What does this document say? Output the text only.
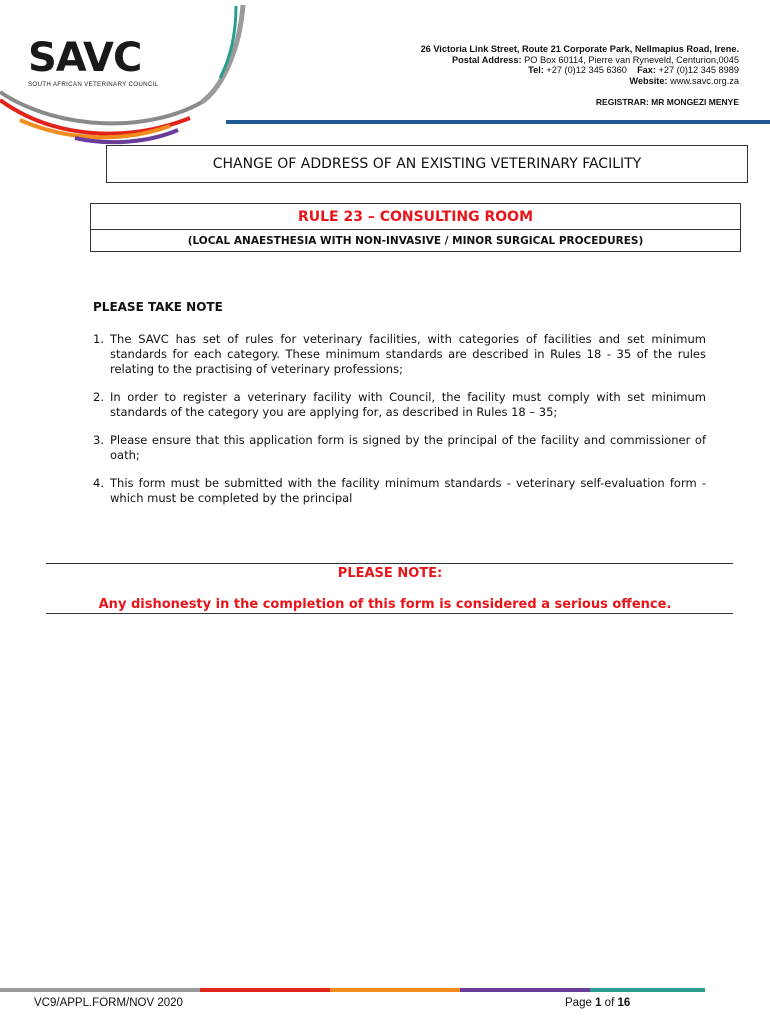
SAVC
SOUTH AFRICAN VETERINARY COUNCIL
26 Victoria Link Street, Route 21 Corporate Park, Nellmapius Road, Irene.
Postal Address: PO Box 60114, Pierre van Ryneveld, Centurion,0045
Tel: +27 (0)12 345 6360 Fax: +27 (0)12 345 8989
Website: www.savc.org.za
REGISTRAR: MR MONGEZI MENYE
CHANGE OF ADDRESS OF AN EXISTING VETERINARY FACILITY
RULE 23 – CONSULTING ROOM
(LOCAL ANAESTHESIA WITH NON-INVASIVE / MINOR SURGICAL PROCEDURES)
PLEASE TAKE NOTE
1. The SAVC has set of rules for veterinary facilities, with categories of facilities and set minimum standards for each category. These minimum standards are described in Rules 18 - 35 of the rules relating to the practising of veterinary professions;
2. In order to register a veterinary facility with Council, the facility must comply with set minimum standards of the category you are applying for, as described in Rules 18 – 35;
3. Please ensure that this application form is signed by the principal of the facility and commissioner of oath;
4. This form must be submitted with the facility minimum standards - veterinary self-evaluation form - which must be completed by the principal
PLEASE NOTE:
Any dishonesty in the completion of this form is considered a serious offence.
VC9/APPL.FORM/NOV 2020	Page 1 of 16
